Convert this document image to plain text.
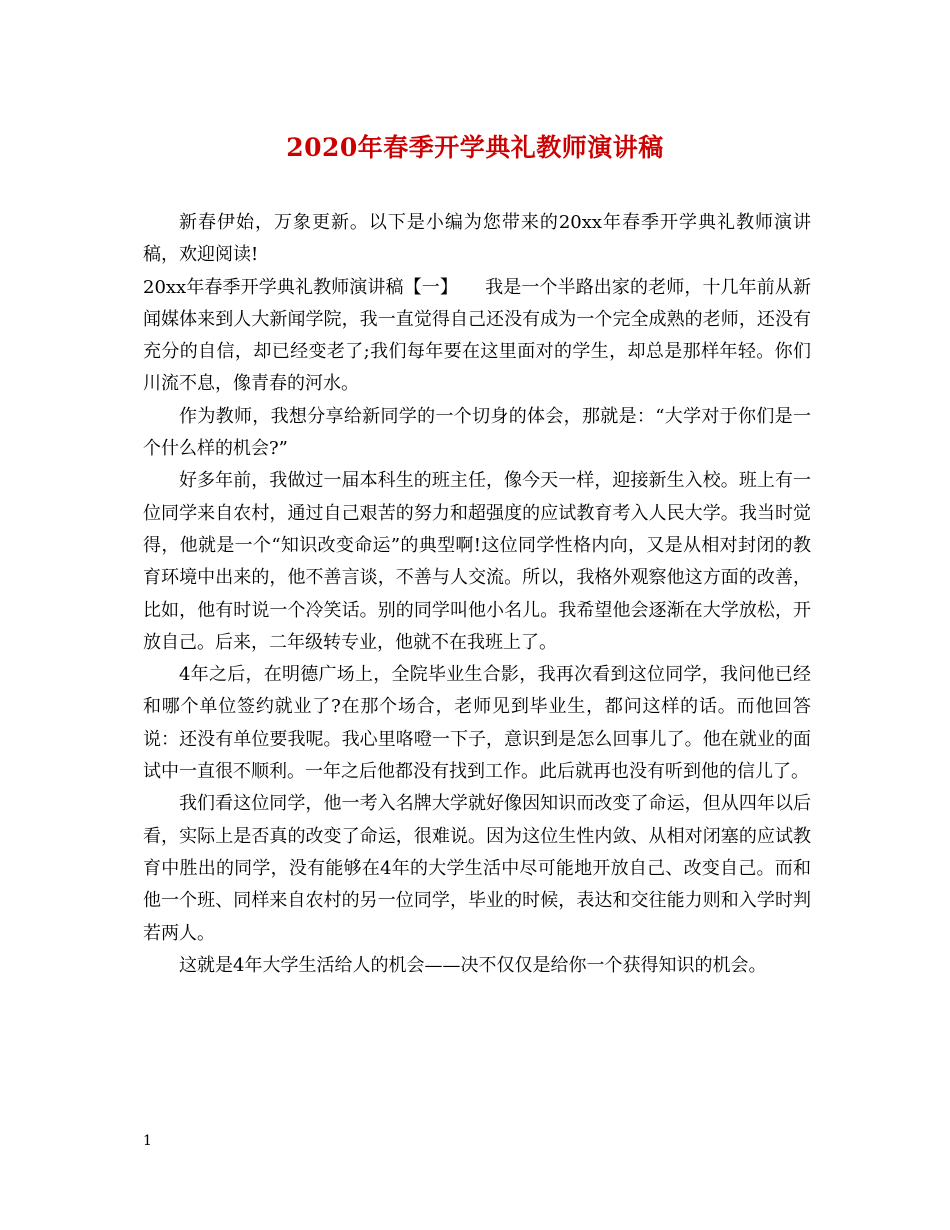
2020年春季开学典礼教师演讲稿

新春伊始，万象更新。以下是小编为您带来的20xx年春季开学典礼教师演讲稿，欢迎阅读!

20xx年春季开学典礼教师演讲稿【一】　　我是一个半路出家的老师，十几年前从新闻媒体来到人大新闻学院，我一直觉得自己还没有成为一个完全成熟的老师，还没有充分的自信，却已经变老了;我们每年要在这里面对的学生，却总是那样年轻。你们川流不息，像青春的河水。

作为教师，我想分享给新同学的一个切身的体会，那就是：“大学对于你们是一个什么样的机会?”

好多年前，我做过一届本科生的班主任，像今天一样，迎接新生入校。班上有一位同学来自农村，通过自己艰苦的努力和超强度的应试教育考入人民大学。我当时觉得，他就是一个“知识改变命运”的典型啊!这位同学性格内向，又是从相对封闭的教育环境中出来的，他不善言谈，不善与人交流。所以，我格外观察他这方面的改善，比如，他有时说一个冷笑话。别的同学叫他小名儿。我希望他会逐渐在大学放松，开放自己。后来，二年级转专业，他就不在我班上了。

4年之后，在明德广场上，全院毕业生合影，我再次看到这位同学，我问他已经和哪个单位签约就业了?在那个场合，老师见到毕业生，都问这样的话。而他回答说：还没有单位要我呢。我心里咯噔一下子，意识到是怎么回事儿了。他在就业的面试中一直很不顺利。一年之后他都没有找到工作。此后就再也没有听到他的信儿了。

我们看这位同学，他一考入名牌大学就好像因知识而改变了命运，但从四年以后看，实际上是否真的改变了命运，很难说。因为这位生性内敛、从相对闭塞的应试教育中胜出的同学，没有能够在4年的大学生活中尽可能地开放自己、改变自己。而和他一个班、同样来自农村的另一位同学，毕业的时候，表达和交往能力则和入学时判若两人。

这就是4年大学生活给人的机会——决不仅仅是给你一个获得知识的机会。

1
